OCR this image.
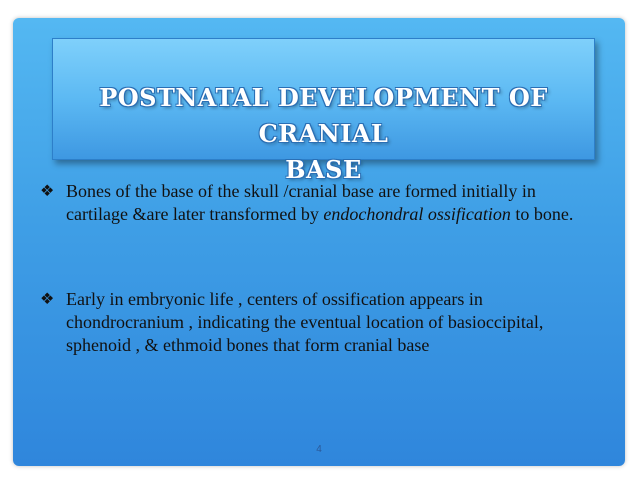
POSTNATAL DEVELOPMENT OF CRANIAL
BASE
❖ Bones of the base of the skull /cranial base are formed initially in cartilage &are later transformed by endochondral ossification to bone.
❖ Early in embryonic life , centers of ossification appears in chondrocranium , indicating the eventual location of basioccipital, sphenoid , & ethmoid bones that form cranial base
4
